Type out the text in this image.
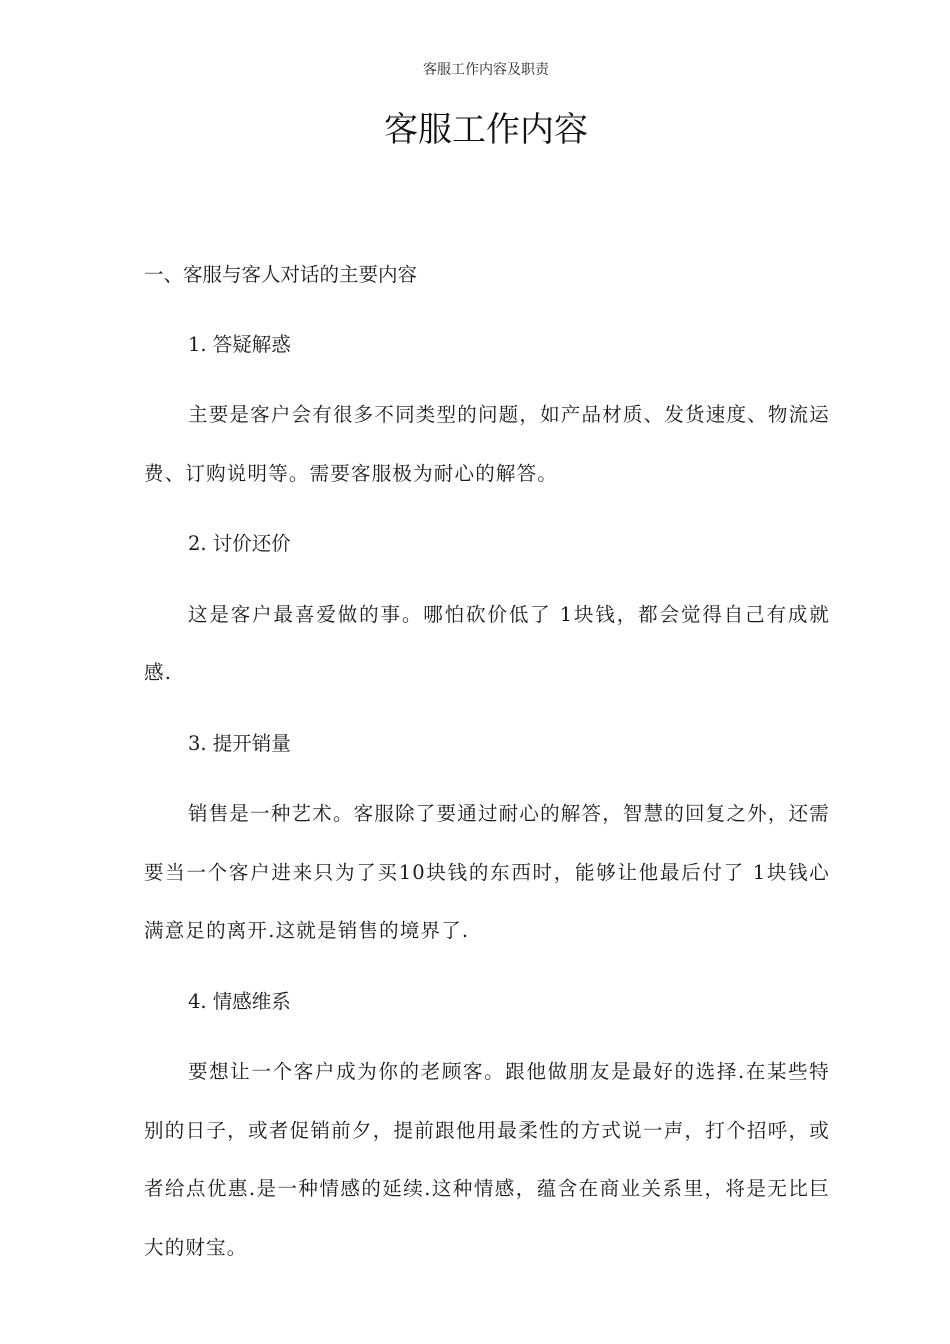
客服工作内容及职责
客服工作内容

一、客服与客人对话的主要内容

1. 答疑解惑

主要是客户会有很多不同类型的问题，如产品材质、发货速度、物流运费、订购说明等。需要客服极为耐心的解答。

2. 讨价还价

这是客户最喜爱做的事。哪怕砍价低了 1块钱，都会觉得自己有成就感.

3. 提开销量

销售是一种艺术。客服除了要通过耐心的解答，智慧的回复之外，还需要当一个客户进来只为了买10块钱的东西时，能够让他最后付了 1块钱心满意足的离开.这就是销售的境界了.

4. 情感维系

要想让一个客户成为你的老顾客。跟他做朋友是最好的选择.在某些特别的日子，或者促销前夕，提前跟他用最柔性的方式说一声，打个招呼，或者给点优惠.是一种情感的延续.这种情感，蕴含在商业关系里，将是无比巨大的财宝。
